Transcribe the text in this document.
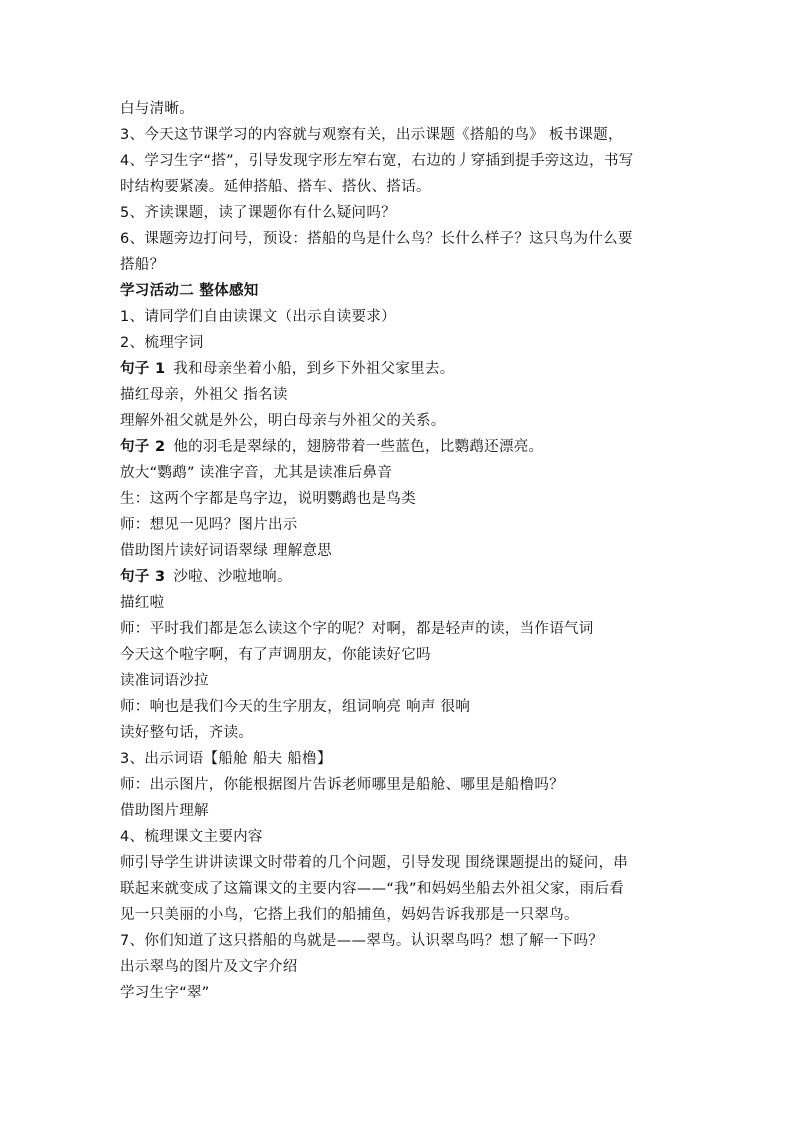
白与清晰。
3、今天这节课学习的内容就与观察有关，出示课题《搭船的鸟》 板书课题，
4、学习生字“搭”，引导发现字形左窄右宽，右边的丿穿插到提手旁这边，书写
时结构要紧凑。延伸搭船、搭车、搭伙、搭话。
5、齐读课题，读了课题你有什么疑问吗？
6、课题旁边打问号，预设：搭船的鸟是什么鸟？长什么样子？这只鸟为什么要
搭船？
学习活动二 整体感知
1、请同学们自由读课文（出示自读要求）
2、梳理字词
句子 1 我和母亲坐着小船，到乡下外祖父家里去。
描红母亲，外祖父 指名读
理解外祖父就是外公，明白母亲与外祖父的关系。
句子 2 他的羽毛是翠绿的，翅膀带着一些蓝色，比鹦鹉还漂亮。
放大“鹦鹉” 读准字音，尤其是读准后鼻音
生：这两个字都是鸟字边，说明鹦鹉也是鸟类
师：想见一见吗？图片出示
借助图片读好词语翠绿 理解意思
句子 3 沙啦、沙啦地响。
描红啦
师：平时我们都是怎么读这个字的呢？对啊，都是轻声的读，当作语气词
今天这个啦字啊，有了声调朋友，你能读好它吗
读准词语沙拉
师：响也是我们今天的生字朋友，组词响亮 响声 很响
读好整句话，齐读。
3、出示词语【船舱 船夫 船橹】
师：出示图片，你能根据图片告诉老师哪里是船舱、哪里是船橹吗？
借助图片理解
4、梳理课文主要内容
师引导学生讲讲读课文时带着的几个问题，引导发现 围绕课题提出的疑问，串
联起来就变成了这篇课文的主要内容——“我”和妈妈坐船去外祖父家，雨后看
见一只美丽的小鸟，它搭上我们的船捕鱼，妈妈告诉我那是一只翠鸟。
7、你们知道了这只搭船的鸟就是——翠鸟。认识翠鸟吗？想了解一下吗？
出示翠鸟的图片及文字介绍
学习生字“翠”
